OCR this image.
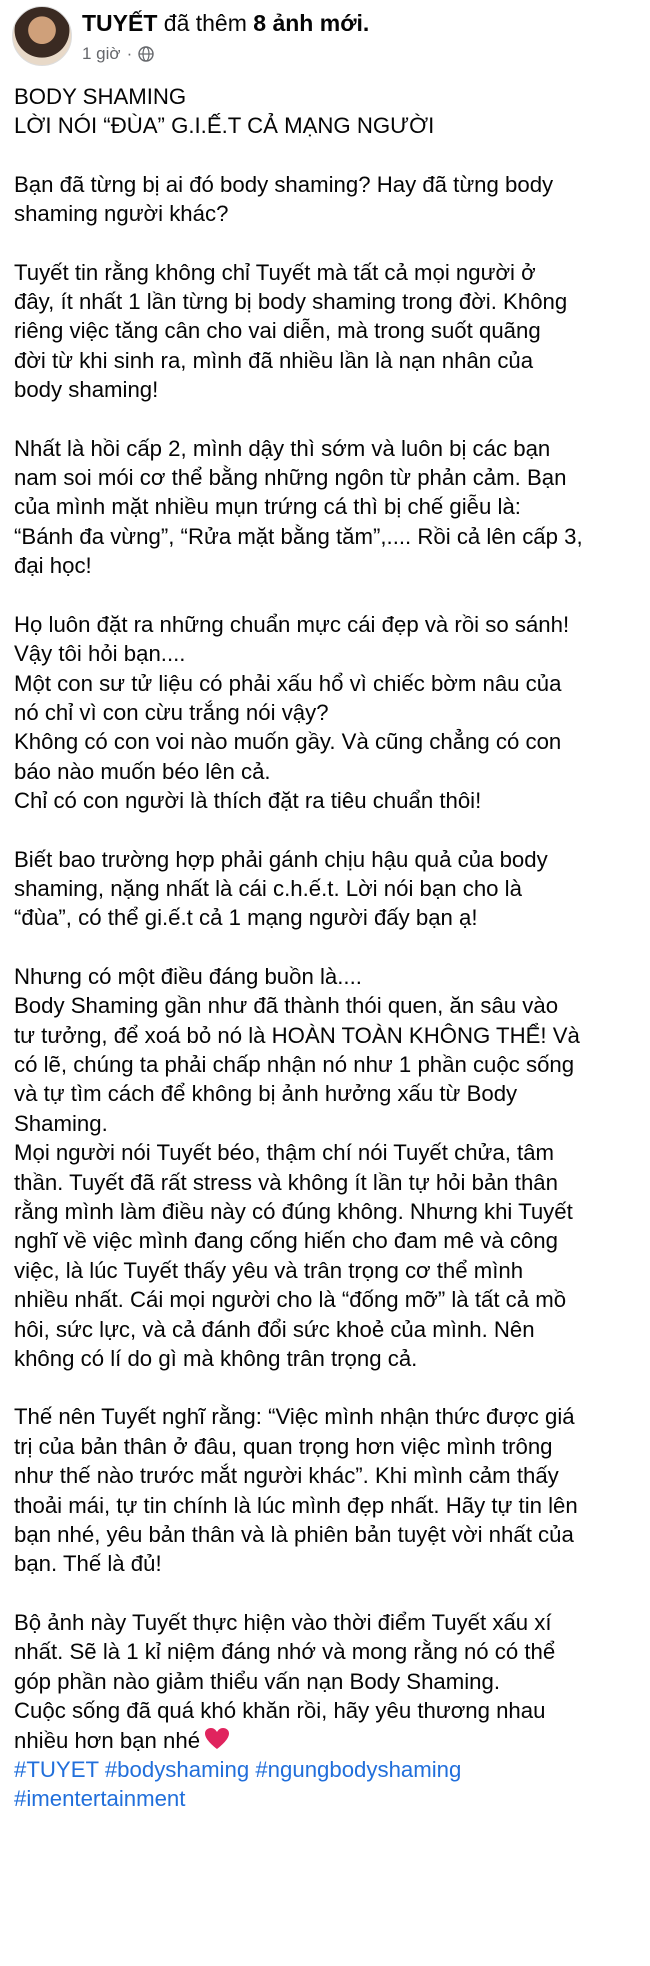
TUYẾT đã thêm 8 ảnh mới.
1 giờ ·

BODY SHAMING

LỜI NÓI “ĐÙA” G.I.Ế.T CẢ MẠNG NGƯỜI

Bạn đã từng bị ai đó body shaming? Hay đã từng body

shaming người khác?

Tuyết tin rằng không chỉ Tuyết mà tất cả mọi người ở

đây, ít nhất 1 lần từng bị body shaming trong đời. Không

riêng việc tăng cân cho vai diễn, mà trong suốt quãng

đời từ khi sinh ra, mình đã nhiều lần là nạn nhân của

body shaming!

Nhất là hồi cấp 2, mình dậy thì sớm và luôn bị các bạn

nam soi mói cơ thể bằng những ngôn từ phản cảm. Bạn

của mình mặt nhiều mụn trứng cá thì bị chế giễu là:

“Bánh đa vừng”, “Rửa mặt bằng tăm”,.... Rồi cả lên cấp 3,

đại học!

Họ luôn đặt ra những chuẩn mực cái đẹp và rồi so sánh!

Vậy tôi hỏi bạn....

Một con sư tử liệu có phải xấu hổ vì chiếc bờm nâu của

nó chỉ vì con cừu trắng nói vậy?

Không có con voi nào muốn gầy. Và cũng chẳng có con

báo nào muốn béo lên cả.

Chỉ có con người là thích đặt ra tiêu chuẩn thôi!

Biết bao trường hợp phải gánh chịu hậu quả của body

shaming, nặng nhất là cái c.h.ế.t. Lời nói bạn cho là

“đùa”, có thể gi.ế.t cả 1 mạng người đấy bạn ạ!

Nhưng có một điều đáng buồn là....

Body Shaming gần như đã thành thói quen, ăn sâu vào

tư tưởng, để xoá bỏ nó là HOÀN TOÀN KHÔNG THỂ! Và

có lẽ, chúng ta phải chấp nhận nó như 1 phần cuộc sống

và tự tìm cách để không bị ảnh hưởng xấu từ Body

Shaming.

Mọi người nói Tuyết béo, thậm chí nói Tuyết chửa, tâm

thần. Tuyết đã rất stress và không ít lần tự hỏi bản thân

rằng mình làm điều này có đúng không. Nhưng khi Tuyết

nghĩ về việc mình đang cống hiến cho đam mê và công

việc, là lúc Tuyết thấy yêu và trân trọng cơ thể mình

nhiều nhất. Cái mọi người cho là “đống mỡ” là tất cả mồ

hôi, sức lực, và cả đánh đổi sức khoẻ của mình. Nên

không có lí do gì mà không trân trọng cả.

Thế nên Tuyết nghĩ rằng: “Việc mình nhận thức được giá

trị của bản thân ở đâu, quan trọng hơn việc mình trông

như thế nào trước mắt người khác”. Khi mình cảm thấy

thoải mái, tự tin chính là lúc mình đẹp nhất. Hãy tự tin lên

bạn nhé, yêu bản thân và là phiên bản tuyệt vời nhất của

bạn. Thế là đủ!

Bộ ảnh này Tuyết thực hiện vào thời điểm Tuyết xấu xí

nhất. Sẽ là 1 kỉ niệm đáng nhớ và mong rằng nó có thể

góp phần nào giảm thiểu vấn nạn Body Shaming.

Cuộc sống đã quá khó khăn rồi, hãy yêu thương nhau

nhiều hơn bạn nhé

#TUYET #bodyshaming #ngungbodyshaming

#imentertainment
